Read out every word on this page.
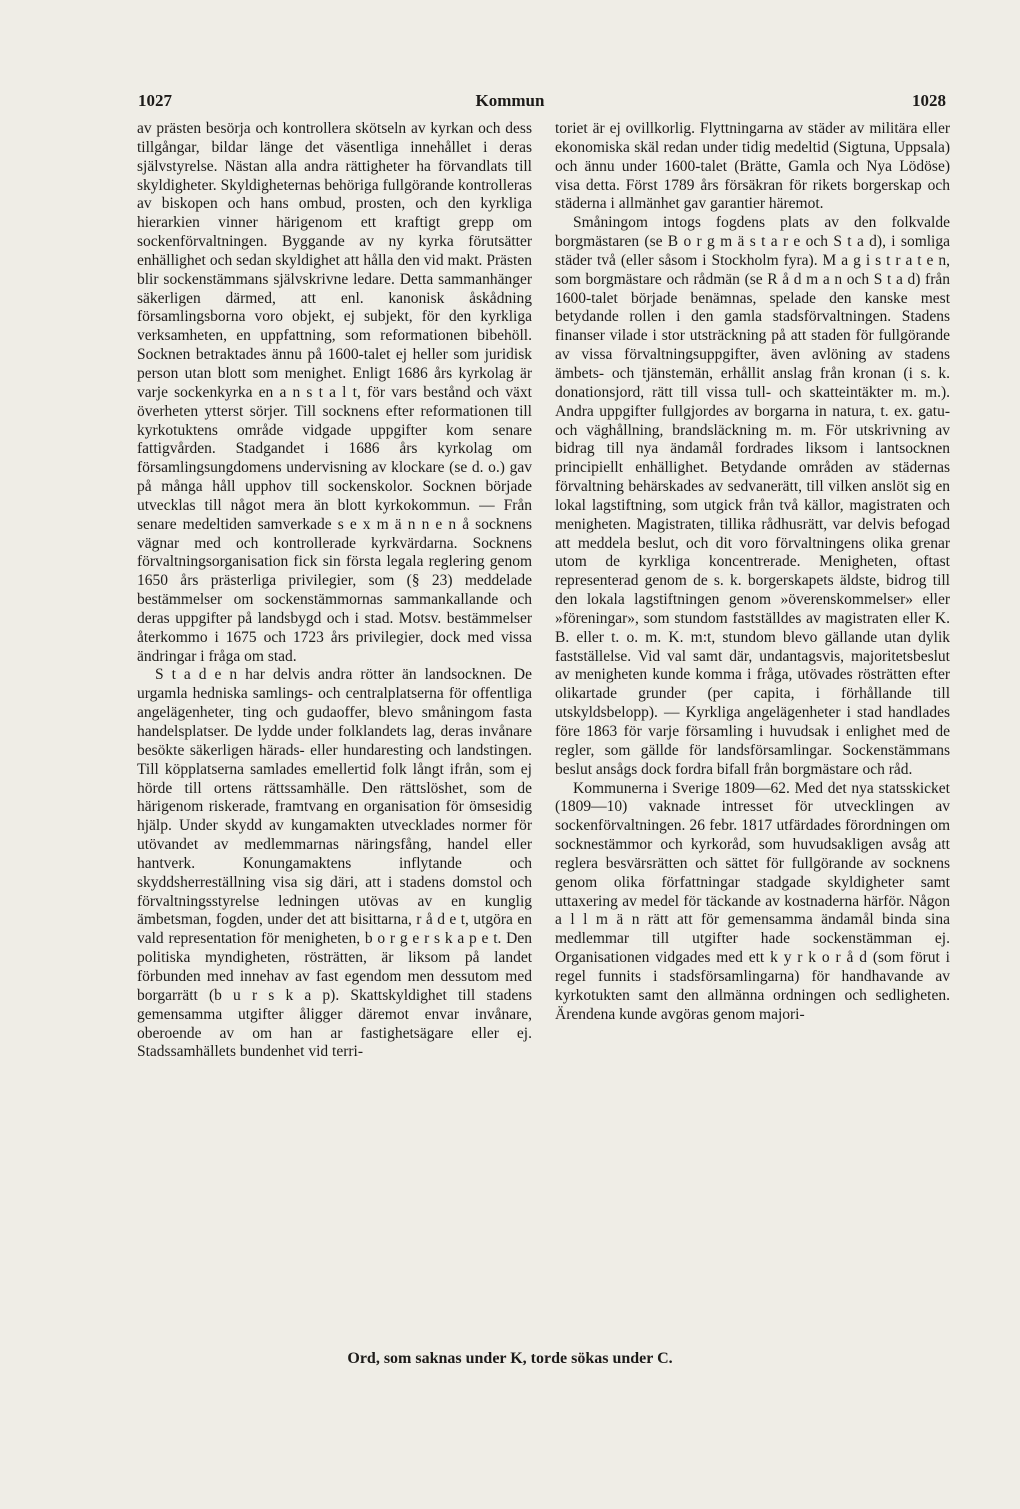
1027	Kommun	1028

av prästen besörja och kontrollera skötseln av kyrkan och dess tillgångar, bildar länge det väsentliga innehållet i deras självstyrelse. Nästan alla andra rättigheter ha förvandlats till skyldigheter. Skyldigheternas behöriga fullgörande kontrolleras av biskopen och hans ombud, prosten, och den kyrkliga hierarkien vinner härigenom ett kraftigt grepp om sockenförvaltningen. Byggande av ny kyrka förutsätter enhällighet och sedan skyldighet att hålla den vid makt. Prästen blir sockenstämmans självskrivne ledare. Detta sammanhänger säkerligen därmed, att enl. kanonisk åskådning församlingsborna voro objekt, ej subjekt, för den kyrkliga verksamheten, en uppfattning, som reformationen bibehöll. Socknen betraktades ännu på 1600-talet ej heller som juridisk person utan blott som menighet. Enligt 1686 års kyrkolag är varje sockenkyrka en a n s t a l t, för vars bestånd och växt överheten ytterst sörjer. Till socknens efter reformationen till kyrkotuktens område vidgade uppgifter kom senare fattigvården. Stadgandet i 1686 års kyrkolag om församlingsungdomens undervisning av klockare (se d. o.) gav på många håll upphov till sockenskolor. Socknen började utvecklas till något mera än blott kyrkokommun. — Från senare medeltiden samverkade s e x m ä n n e n å socknens vägnar med och kontrollerade kyrkvärdarna. Socknens förvaltningsorganisation fick sin första legala reglering genom 1650 års prästerliga privilegier, som (§ 23) meddelade bestämmelser om sockenstämmornas sammankallande och deras uppgifter på landsbygd och i stad. Motsv. bestämmelser återkommo i 1675 och 1723 års privilegier, dock med vissa ändringar i fråga om stad.

S t a d e n har delvis andra rötter än landsocknen. De urgamla hedniska samlings- och centralplatserna för offentliga angelägenheter, ting och gudaoffer, blevo småningom fasta handelsplatser. De lydde under folklandets lag, deras invånare besökte säkerligen härads- eller hundaresting och landstingen. Till köpplatserna samlades emellertid folk långt ifrån, som ej hörde till ortens rättssamhälle. Den rättslöshet, som de härigenom riskerade, framtvang en organisation för ömsesidig hjälp. Under skydd av kungamakten utvecklades normer för utövandet av medlemmarnas näringsfång, handel eller hantverk. Konungamaktens inflytande och skyddsherreställning visa sig däri, att i stadens domstol och förvaltningsstyrelse ledningen utövas av en kunglig ämbetsman, fogden, under det att bisittarna, r å d e t, utgöra en vald representation för menigheten, b o r g e r s k a p e t. Den politiska myndigheten, rösträtten, är liksom på landet förbunden med innehav av fast egendom men dessutom med borgarrätt (b u r s k a p). Skattskyldighet till stadens gemensamma utgifter åligger däremot envar invånare, oberoende av om han ar fastighetsägare eller ej. Stadssamhällets bundenhet vid terri-

toriet är ej ovillkorlig. Flyttningarna av städer av militära eller ekonomiska skäl redan under tidig medeltid (Sigtuna, Uppsala) och ännu under 1600-talet (Brätte, Gamla och Nya Lödöse) visa detta. Först 1789 års försäkran för rikets borgerskap och städerna i allmänhet gav garantier häremot.

Småningom intogs fogdens plats av den folkvalde borgmästaren (se B o r g m ä s t a r e och S t a d), i somliga städer två (eller såsom i Stockholm fyra). M a g i s t r a t e n, som borgmästare och rådmän (se R å d m a n och S t a d) från 1600-talet började benämnas, spelade den kanske mest betydande rollen i den gamla stadsförvaltningen. Stadens finanser vilade i stor utsträckning på att staden för fullgörande av vissa förvaltningsuppgifter, även avlöning av stadens ämbets- och tjänstemän, erhållit anslag från kronan (i s. k. donationsjord, rätt till vissa tull- och skatteintäkter m. m.). Andra uppgifter fullgjordes av borgarna in natura, t. ex. gatu- och väghållning, brandsläckning m. m. För utskrivning av bidrag till nya ändamål fordrades liksom i lantsocknen principiellt enhällighet. Betydande områden av städernas förvaltning behärskades av sedvanerätt, till vilken anslöt sig en lokal lagstiftning, som utgick från två källor, magistraten och menigheten. Magistraten, tillika rådhusrätt, var delvis befogad att meddela beslut, och dit voro förvaltningens olika grenar utom de kyrkliga koncentrerade. Menigheten, oftast representerad genom de s. k. borgerskapets äldste, bidrog till den lokala lagstiftningen genom »överenskommelser» eller »föreningar», som stundom fastställdes av magistraten eller K. B. eller t. o. m. K. m:t, stundom blevo gällande utan dylik fastställelse. Vid val samt där, undantagsvis, majoritetsbeslut av menigheten kunde komma i fråga, utövades rösträtten efter olikartade grunder (per capita, i förhållande till utskyldsbelopp). — Kyrkliga angelägenheter i stad handlades före 1863 för varje församling i huvudsak i enlighet med de regler, som gällde för landsförsamlingar. Sockenstämmans beslut ansågs dock fordra bifall från borgmästare och råd.

Kommunerna i Sverige 1809—62. Med det nya statsskicket (1809—10) vaknade intresset för utvecklingen av sockenförvaltningen. 26 febr. 1817 utfärdades förordningen om socknestämmor och kyrkoråd, som huvudsakligen avsåg att reglera besvärsrätten och sättet för fullgörande av socknens genom olika författningar stadgade skyldigheter samt uttaxering av medel för täckande av kostnaderna härför. Någon a l l m ä n rätt att för gemensamma ändamål binda sina medlemmar till utgifter hade sockenstämman ej. Organisationen vidgades med ett k y r k o r å d (som förut i regel funnits i stadsförsamlingarna) för handhavande av kyrkotukten samt den allmänna ordningen och sedligheten. Ärendena kunde avgöras genom majori-

Ord, som saknas under K, torde sökas under C.
